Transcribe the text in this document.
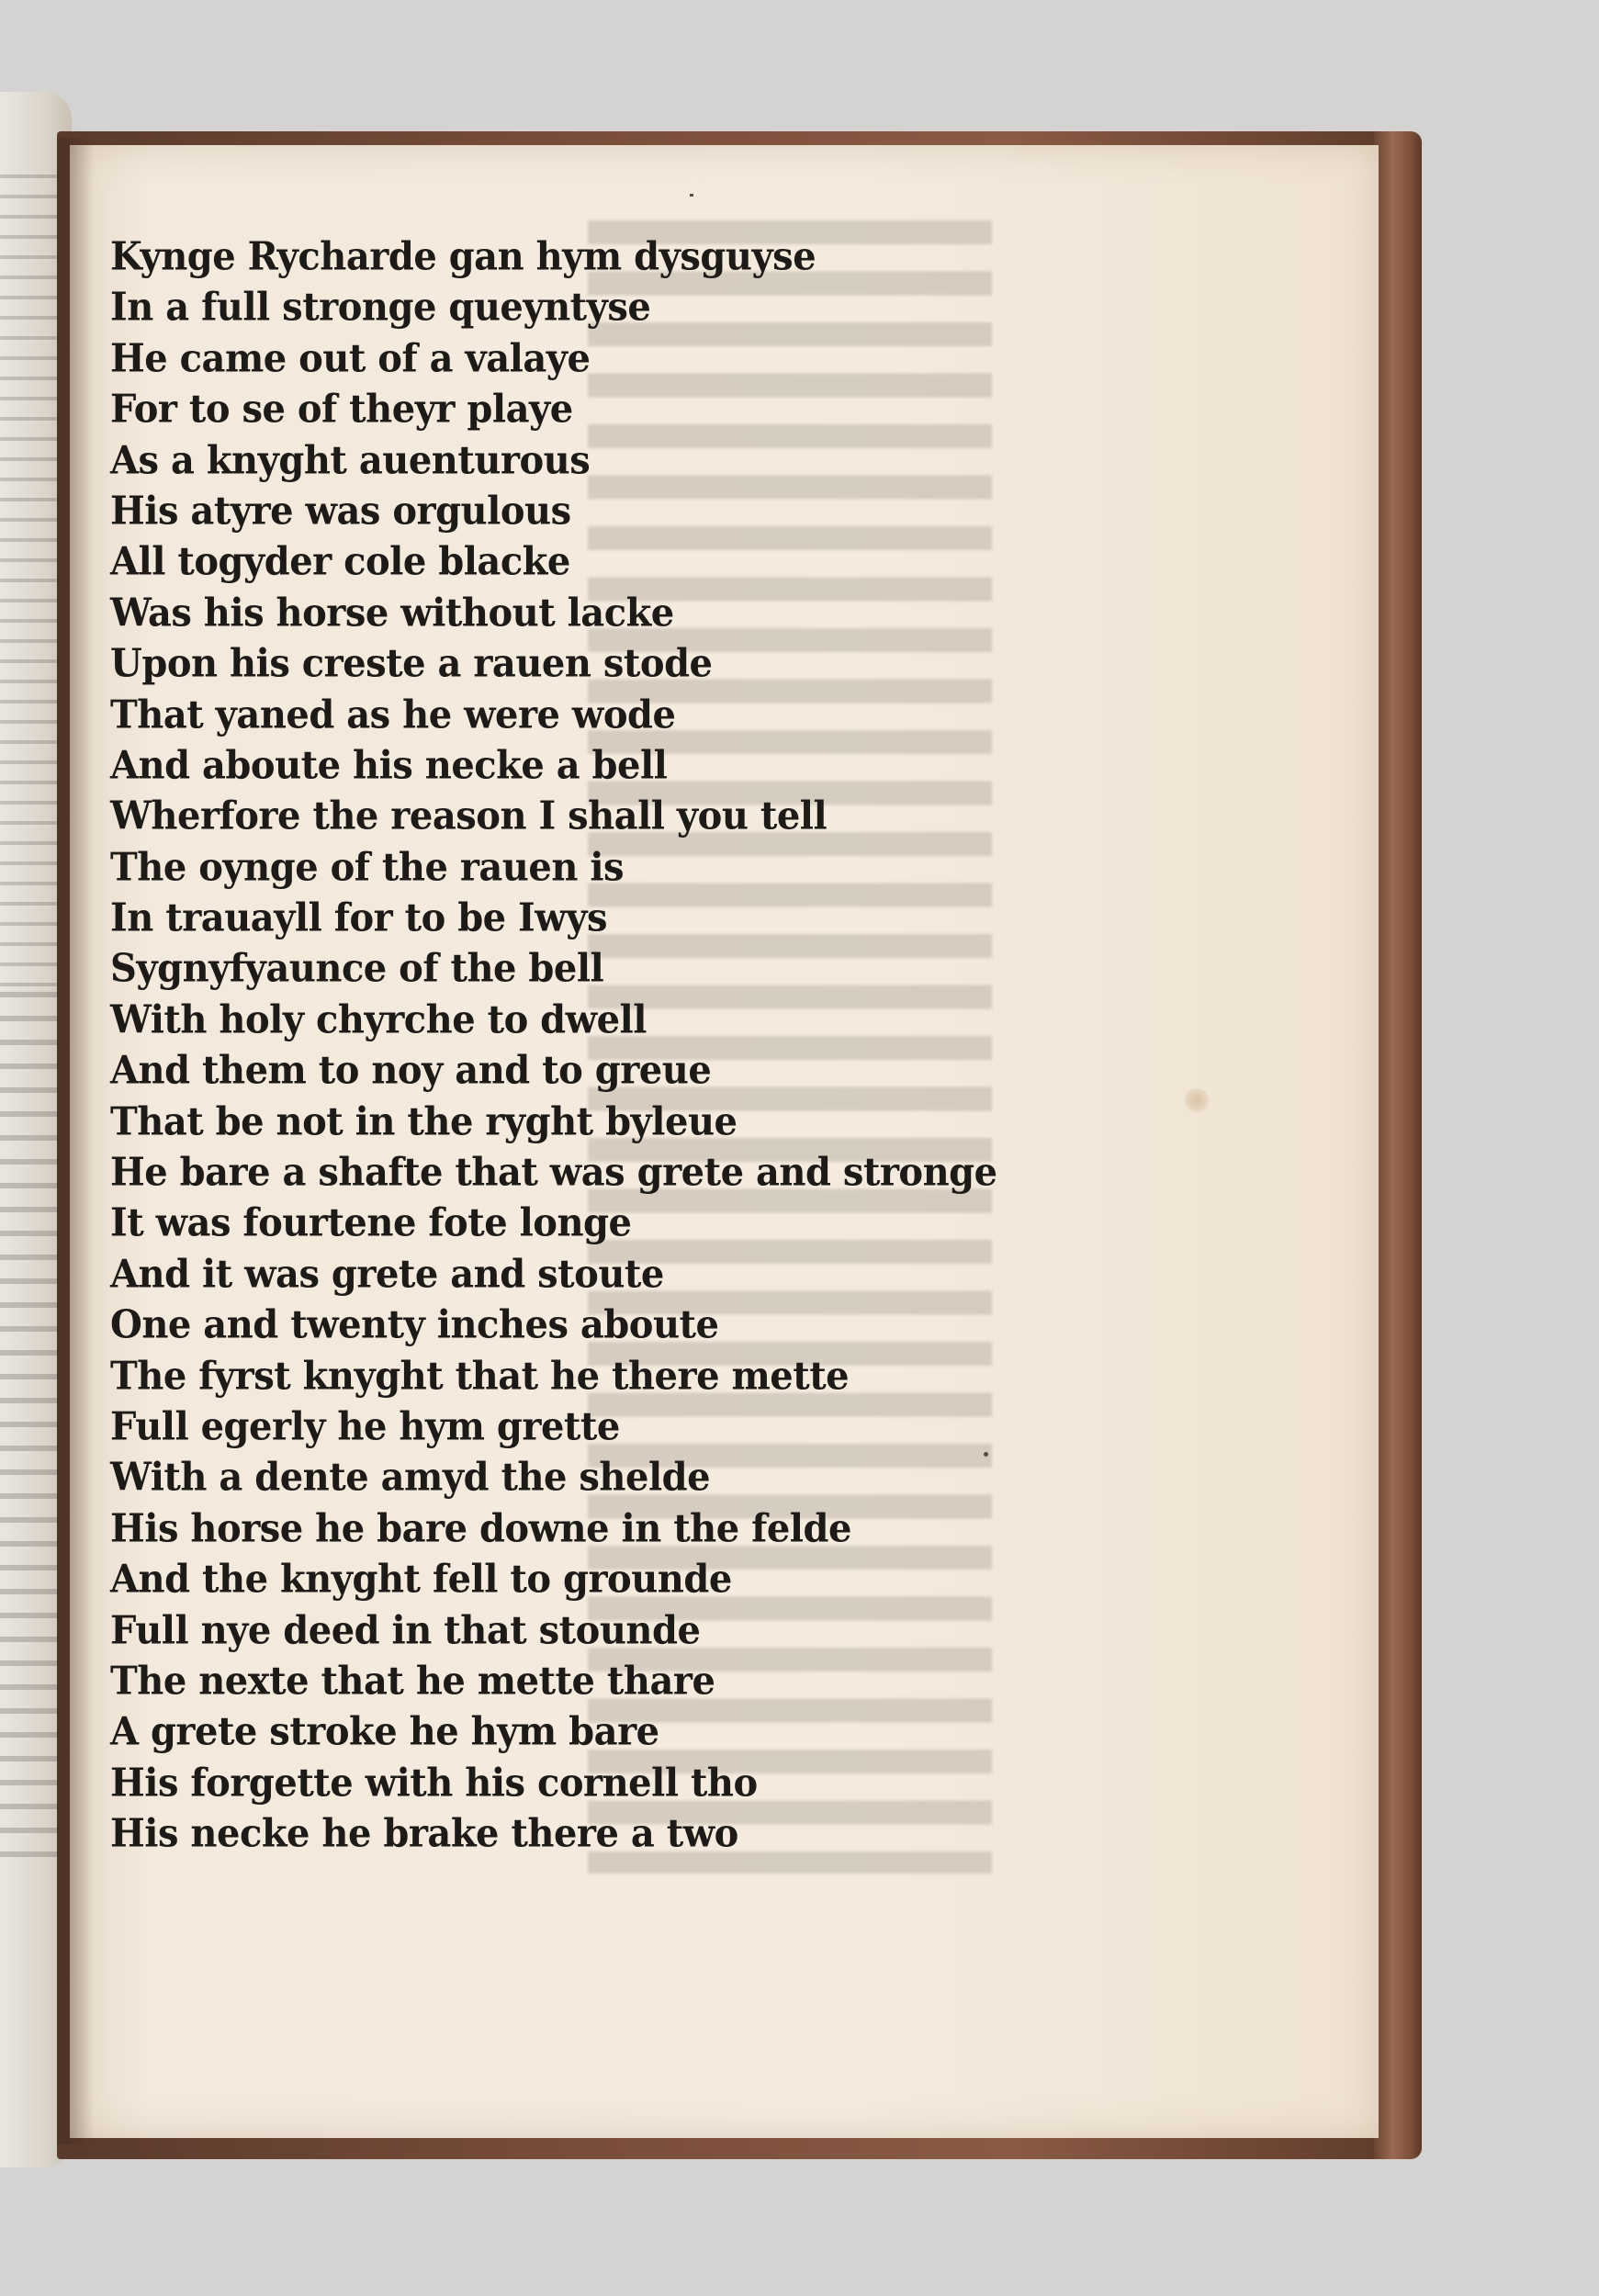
Kynge Rycharde gan hym dysguyse
In a full stronge queyntyse
He came out of a valaye
For to se of theyr playe
As a knyght auenturous
His atyre was orgulous
All togyder cole blacke
Was his horse without lacke
Upon his creste a rauen stode
That yaned as he were wode
And aboute his necke a bell
Wherfore the reason I shall you tell
The oynge of the rauen is
In trauayll for to be Iwys
Sygnyfyaunce of the bell
With holy chyrche to dwell
And them to noy and to greue
That be not in the ryght byleue
He bare a shafte that was grete and stronge
It was fourtene fote longe
And it was grete and stoute
One and twenty inches aboute
The fyrst knyght that he there mette
Full egerly he hym grette
With a dente amyd the shelde
His horse he bare downe in the felde
And the knyght fell to grounde
Full nye deed in that stounde
The nexte that he mette thare
A grete stroke he hym bare
His forgette with his cornell tho
His necke he brake there a two
